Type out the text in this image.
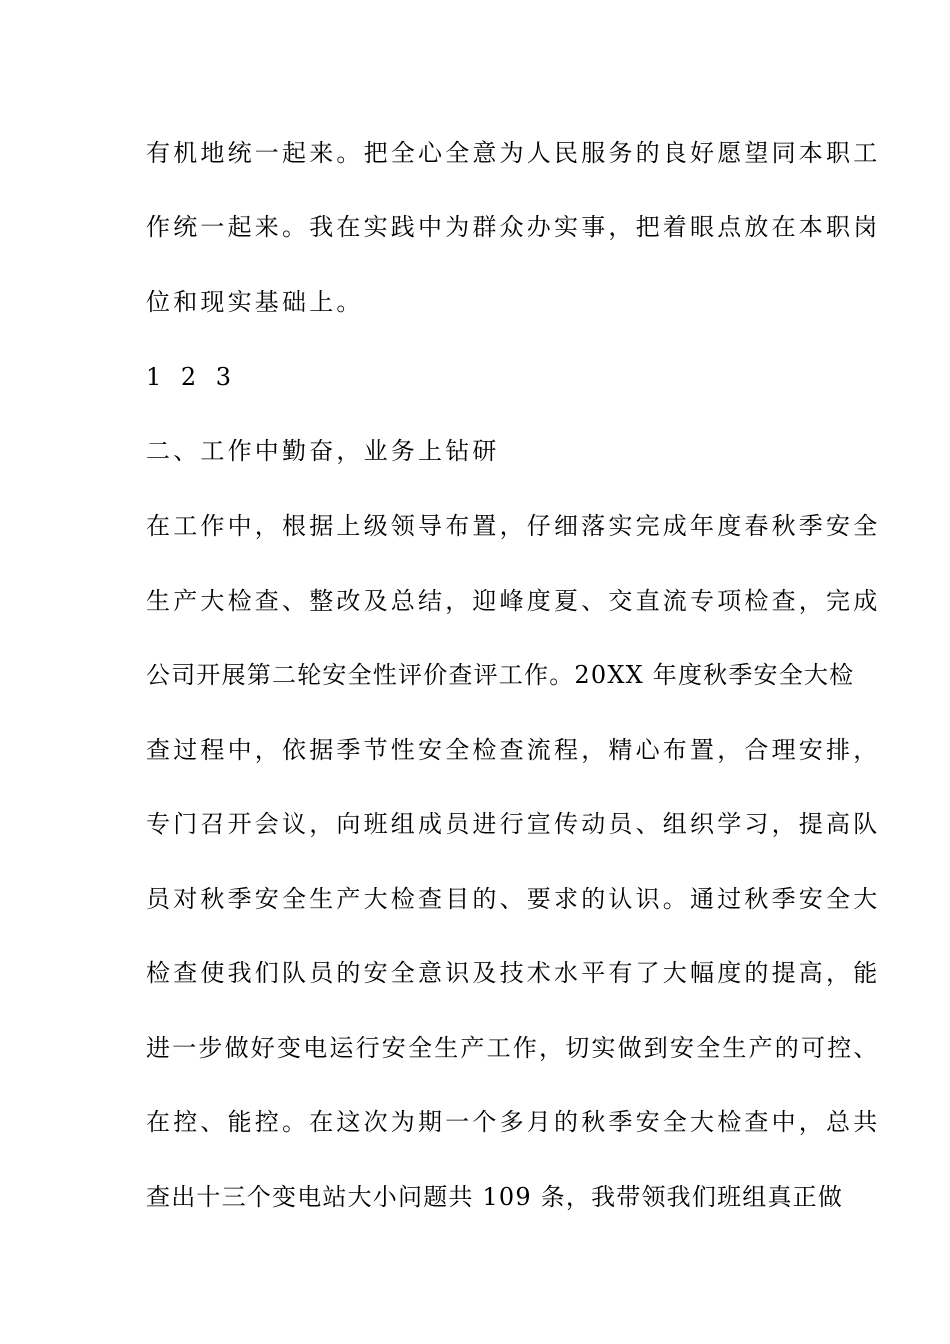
有机地统一起来。把全心全意为人民服务的良好愿望同本职工
作统一起来。我在实践中为群众办实事，把着眼点放在本职岗
位和现实基础上。
1 2 3
二、工作中勤奋，业务上钻研
在工作中，根据上级领导布置，仔细落实完成年度春秋季安全
生产大检查、整改及总结，迎峰度夏、交直流专项检查，完成
公司开展第二轮安全性评价查评工作。20XX 年度秋季安全大检
查过程中，依据季节性安全检查流程，精心布置，合理安排，
专门召开会议，向班组成员进行宣传动员、组织学习，提高队
员对秋季安全生产大检查目的、要求的认识。通过秋季安全大
检查使我们队员的安全意识及技术水平有了大幅度的提高，能
进一步做好变电运行安全生产工作，切实做到安全生产的可控、
在控、能控。在这次为期一个多月的秋季安全大检查中，总共
查出十三个变电站大小问题共 109 条，我带领我们班组真正做
